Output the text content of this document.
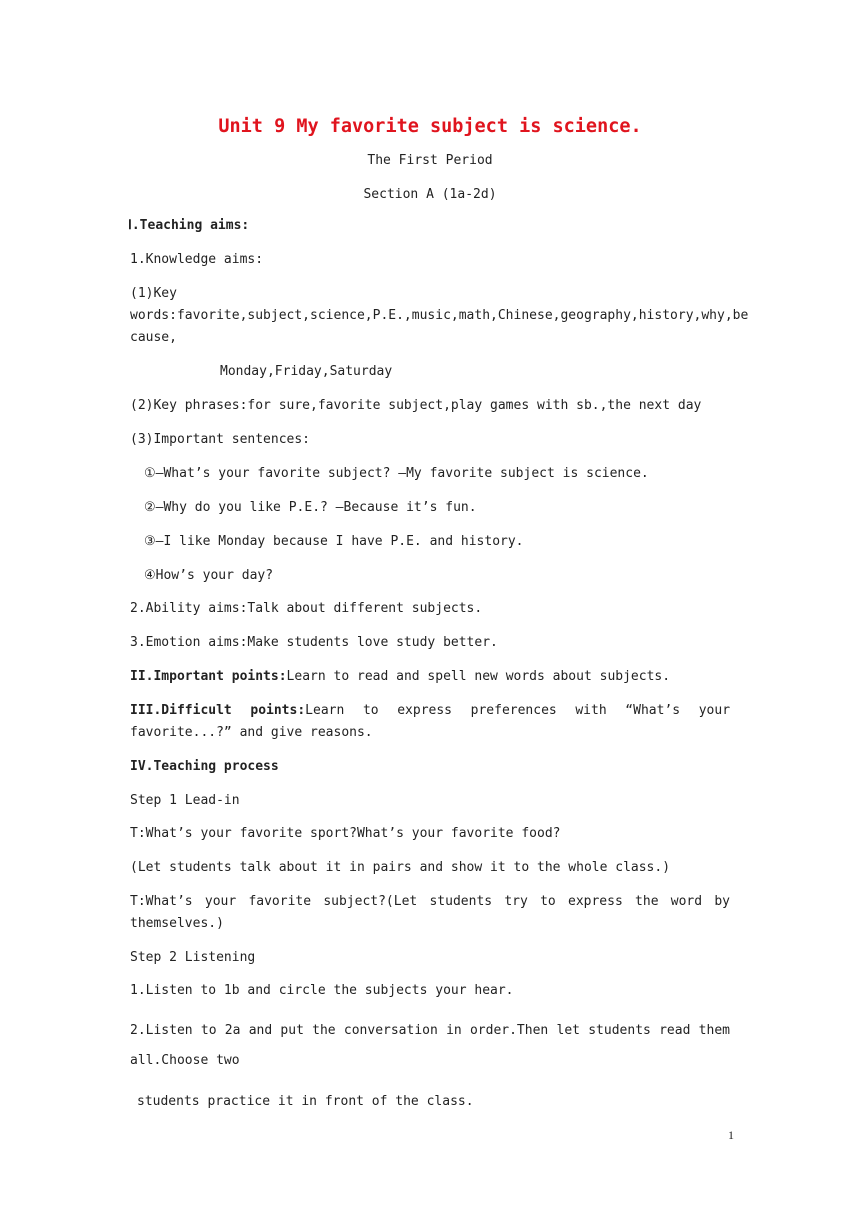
Unit 9 My favorite subject is science.
The First Period
Section A (1a-2d)
Ⅰ.Teaching aims:
1.Knowledge aims:
(1)Key
words:favorite,subject,science,P.E.,music,math,Chinese,geography,history,why,be
cause,
Monday,Friday,Saturday
(2)Key phrases:for sure,favorite subject,play games with sb.,the next day
(3)Important sentences:
①—What’s your favorite subject? —My favorite subject is science.
②—Why do you like P.E.? —Because it’s fun.
③—I like Monday because I have P.E. and history.
④How’s your day?
2.Ability aims:Talk about different subjects.
3.Emotion aims:Make students love study better.
II.Important points:Learn to read and spell new words about subjects.
III.Difficult points:Learn to express preferences with “What’s your
favorite...?” and give reasons.
IV.Teaching process
Step 1 Lead-in
T:What’s your favorite sport?What’s your favorite food?
(Let students talk about it in pairs and show it to the whole class.)
T:What’s your favorite subject?(Let students try to express the word by
themselves.)
Step 2 Listening
1.Listen to 1b and circle the subjects your hear.
2.Listen to 2a and put the conversation in order.Then let students read them
all.Choose two
students practice it in front of the class.
1
